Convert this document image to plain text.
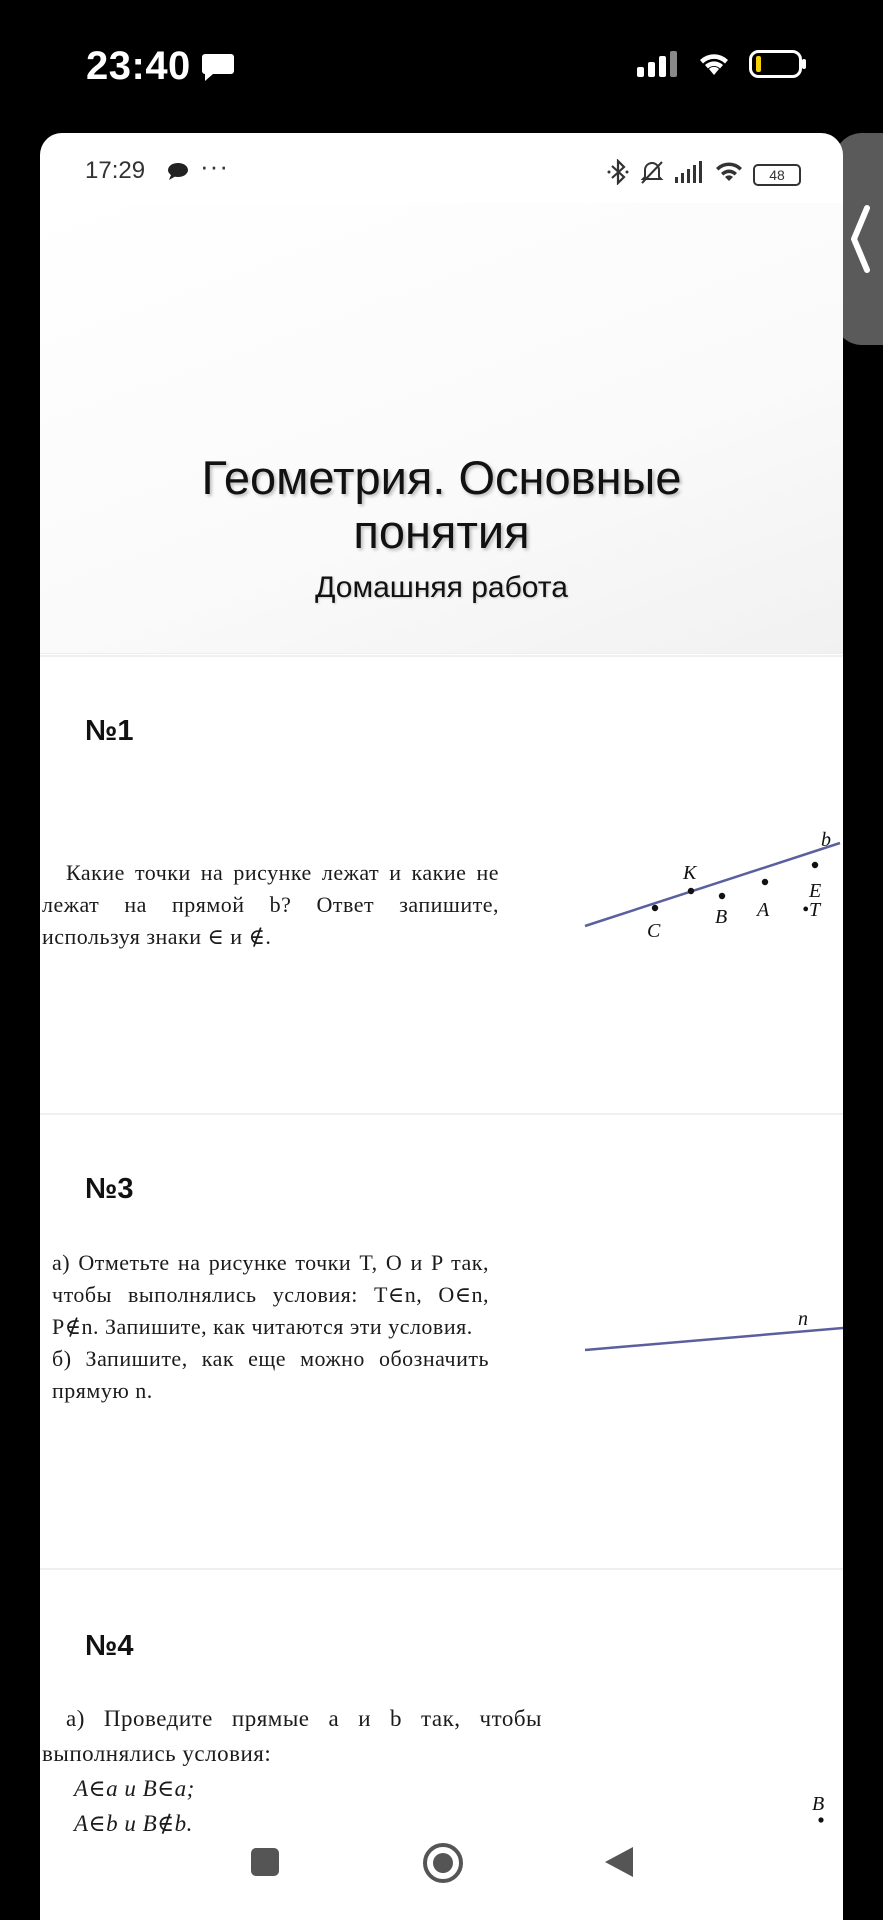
23:40
17:29 ···	48
Геометрия. Основные
понятия
Домашняя работа
№1

Какие точки на рисунке лежат и какие не лежат на прямой b? Ответ запишите, используя знаки ∈ и ∉.

K
B A •T
E
C
b
№3

а) Отметьте на рисунке точки T, O и P так, чтобы выполнялись условия: T∈n, O∈n, P∉n. Запишите, как читаются эти условия.

б) Запишите, как еще можно обозначить прямую n.

n
№4

а) Проведите прямые a и b так, чтобы выполнялись условия:

A∈a и B∈a;

A∈b и B∉b.

B
